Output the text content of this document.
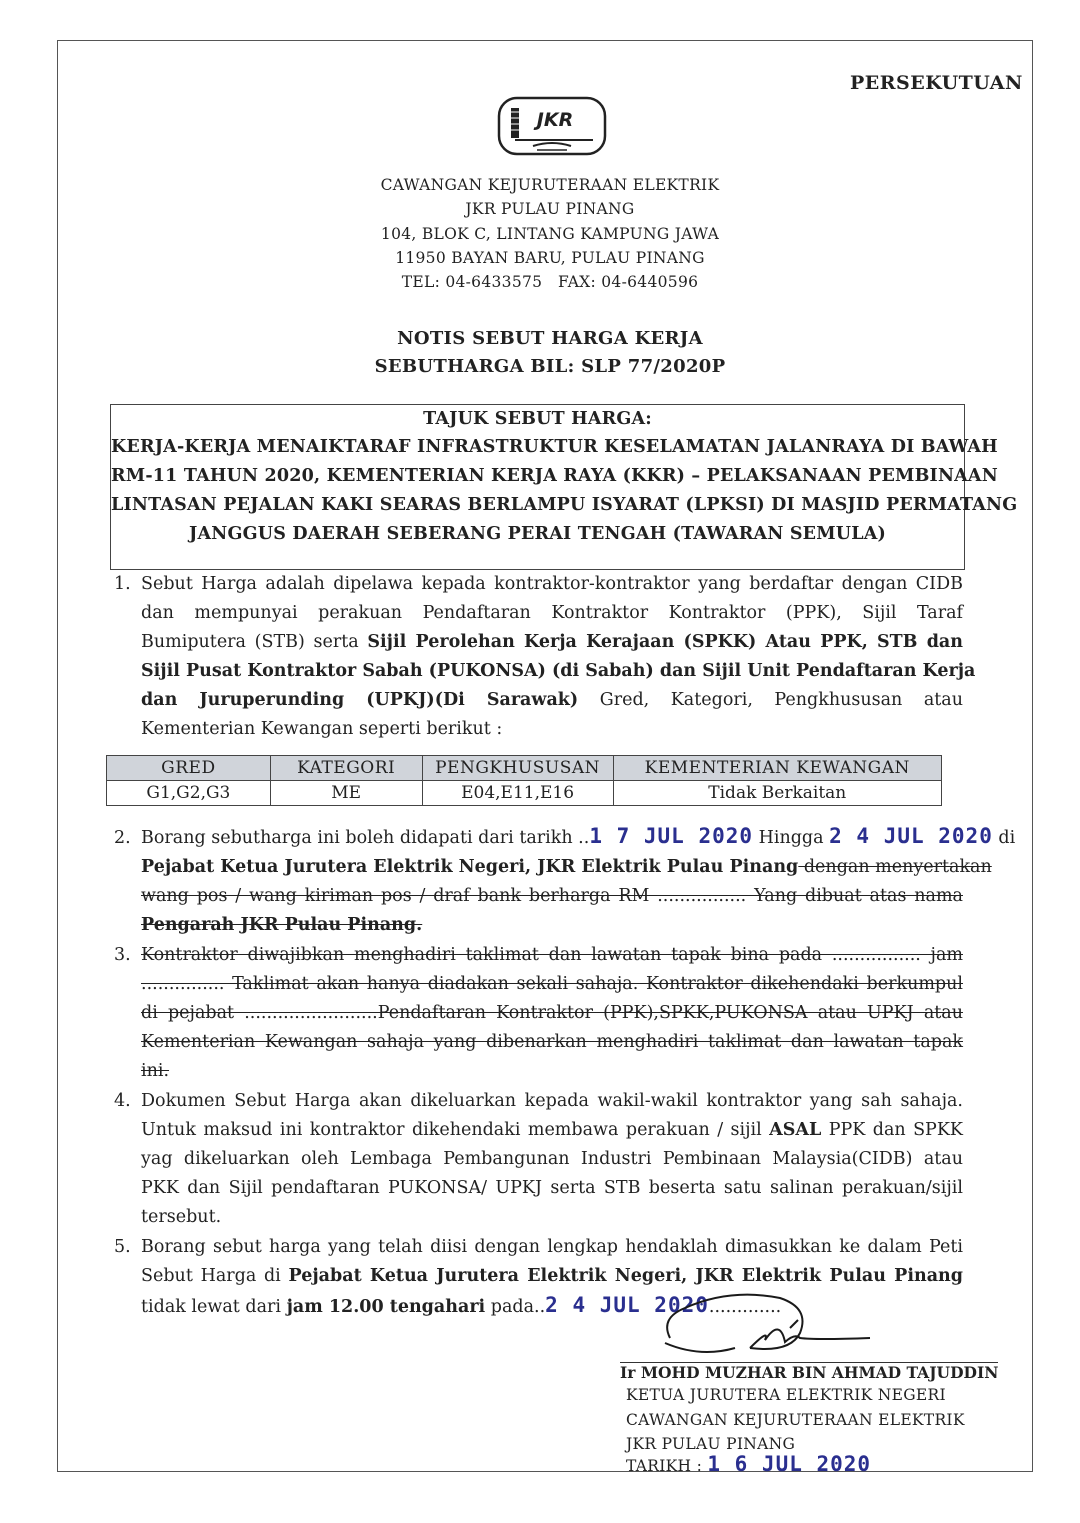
PERSEKUTUAN
JKR
CAWANGAN KEJURUTERAAN ELEKTRIK
JKR PULAU PINANG
104, BLOK C, LINTANG KAMPUNG JAWA
11950 BAYAN BARU, PULAU PINANG
TEL: 04-6433575   FAX: 04-6440596
NOTIS SEBUT HARGA KERJA
SEBUTHARGA BIL: SLP 77/2020P
TAJUK SEBUT HARGA:
KERJA-KERJA MENAIKTARAF INFRASTRUKTUR KESELAMATAN JALANRAYA DI BAWAH
RM-11 TAHUN 2020, KEMENTERIAN KERJA RAYA (KKR) – PELAKSANAAN PEMBINAAN
LINTASAN PEJALAN KAKI SEARAS BERLAMPU ISYARAT (LPKSI) DI MASJID PERMATANG
JANGGUS DAERAH SEBERANG PERAI TENGAH (TAWARAN SEMULA)
1. Sebut Harga adalah dipelawa kepada kontraktor-kontraktor yang berdaftar dengan CIDB
dan mempunyai perakuan Pendaftaran Kontraktor Kontraktor (PPK), Sijil Taraf
Bumiputera (STB) serta Sijil Perolehan Kerja Kerajaan (SPKK) Atau PPK, STB dan
Sijil Pusat Kontraktor Sabah (PUKONSA) (di Sabah) dan Sijil Unit Pendaftaran Kerja
dan Juruperunding (UPKJ)(Di Sarawak) Gred, Kategori, Pengkhususan atau
Kementerian Kewangan seperti berikut :
GRED	KATEGORI	PENGKHUSUSAN	KEMENTERIAN KEWANGAN
G1,G2,G3	ME	E04,E11,E16	Tidak Berkaitan
2. Borang sebutharga ini boleh didapati dari tarikh ..1 7 JUL 2020 Hingga 2 4 JUL 2020 di
Pejabat Ketua Jurutera Elektrik Negeri, JKR Elektrik Pulau Pinang dengan menyertakan
wang pos / wang kiriman pos / draf bank berharga RM ................ Yang dibuat atas nama
Pengarah JKR Pulau Pinang.
3. Kontraktor diwajibkan menghadiri taklimat dan lawatan tapak bina pada ................ jam
............... Taklimat akan hanya diadakan sekali sahaja. Kontraktor dikehendaki berkumpul
di pejabat ........................Pendaftaran Kontraktor (PPK),SPKK,PUKONSA atau UPKJ atau
Kementerian Kewangan sahaja yang dibenarkan menghadiri taklimat dan lawatan tapak
ini.
4. Dokumen Sebut Harga akan dikeluarkan kepada wakil-wakil kontraktor yang sah sahaja.
Untuk maksud ini kontraktor dikehendaki membawa perakuan / sijil ASAL PPK dan SPKK
yag dikeluarkan oleh Lembaga Pembangunan Industri Pembinaan Malaysia(CIDB) atau
PKK dan Sijil pendaftaran PUKONSA/ UPKJ serta STB beserta satu salinan perakuan/sijil
tersebut.
5. Borang sebut harga yang telah diisi dengan lengkap hendaklah dimasukkan ke dalam Peti
Sebut Harga di Pejabat Ketua Jurutera Elektrik Negeri, JKR Elektrik Pulau Pinang
tidak lewat dari jam 12.00 tengahari pada..2 4 JUL 2020.............
Ir MOHD MUZHAR BIN AHMAD TAJUDDIN
KETUA JURUTERA ELEKTRIK NEGERI
CAWANGAN KEJURUTERAAN ELEKTRIK
JKR PULAU PINANG
TARIKH : 1 6 JUL 2020
